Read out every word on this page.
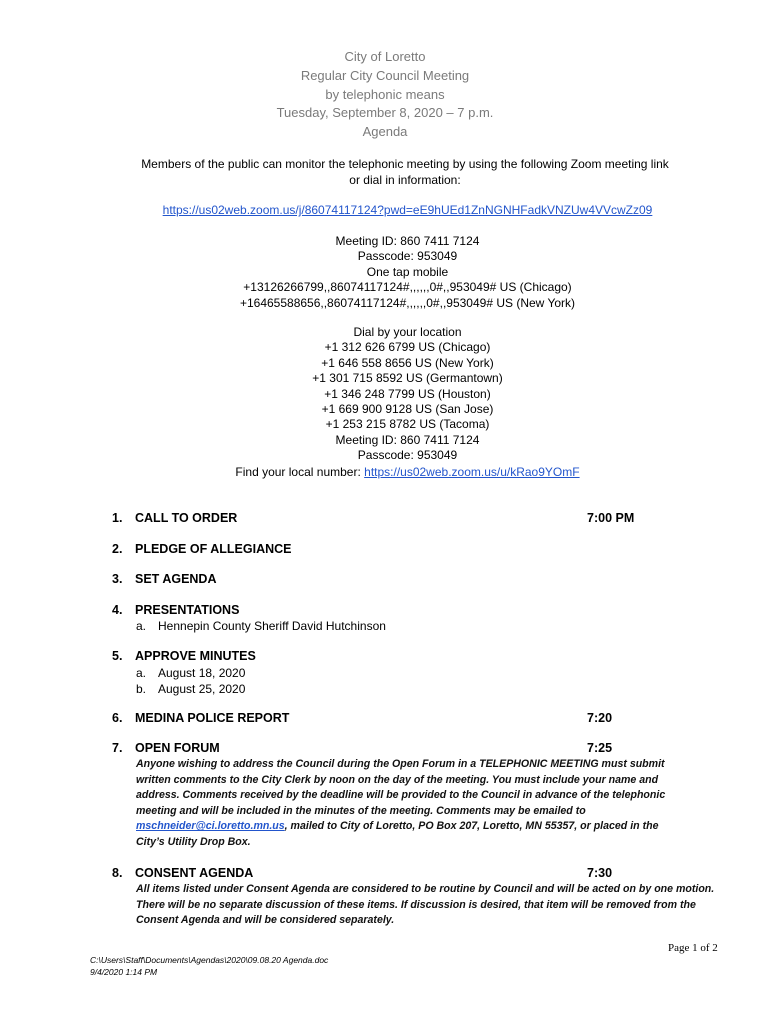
City of Loretto
Regular City Council Meeting
by telephonic means
Tuesday, September 8, 2020 – 7 p.m.
Agenda
Members of the public can monitor the telephonic meeting by using the following Zoom meeting link
or dial in information:
https://us02web.zoom.us/j/86074117124?pwd=eE9hUEd1ZnNGNHFadkVNZUw4VVcwZz09
Meeting ID: 860 7411 7124
Passcode: 953049
One tap mobile
+13126266799,,86074117124#,,,,,,0#,,953049# US (Chicago)
+16465588656,,86074117124#,,,,,,0#,,953049# US (New York)
Dial by your location
+1 312 626 6799 US (Chicago)
+1 646 558 8656 US (New York)
+1 301 715 8592 US (Germantown)
+1 346 248 7799 US (Houston)
+1 669 900 9128 US (San Jose)
+1 253 215 8782 US (Tacoma)
Meeting ID: 860 7411 7124
Passcode: 953049
Find your local number: https://us02web.zoom.us/u/kRao9YOmF
1. CALL TO ORDER	7:00 PM
2. PLEDGE OF ALLEGIANCE
3. SET AGENDA
4. PRESENTATIONS
a. Hennepin County Sheriff David Hutchinson
5. APPROVE MINUTES
a. August 18, 2020
b. August 25, 2020
6. MEDINA POLICE REPORT	7:20
7. OPEN FORUM	7:25
Anyone wishing to address the Council during the Open Forum in a TELEPHONIC MEETING must submit
written comments to the City Clerk by noon on the day of the meeting. You must include your name and
address. Comments received by the deadline will be provided to the Council in advance of the telephonic
meeting and will be included in the minutes of the meeting. Comments may be emailed to
mschneider@ci.loretto.mn.us, mailed to City of Loretto, PO Box 207, Loretto, MN 55357, or placed in the
City’s Utility Drop Box.
8. CONSENT AGENDA	7:30
All items listed under Consent Agenda are considered to be routine by Council and will be acted on by one motion.
There will be no separate discussion of these items. If discussion is desired, that item will be removed from the
Consent Agenda and will be considered separately.
Page 1 of 2
C:\Users\Staff\Documents\Agendas\2020\09.08.20 Agenda.doc
9/4/2020 1:14 PM
